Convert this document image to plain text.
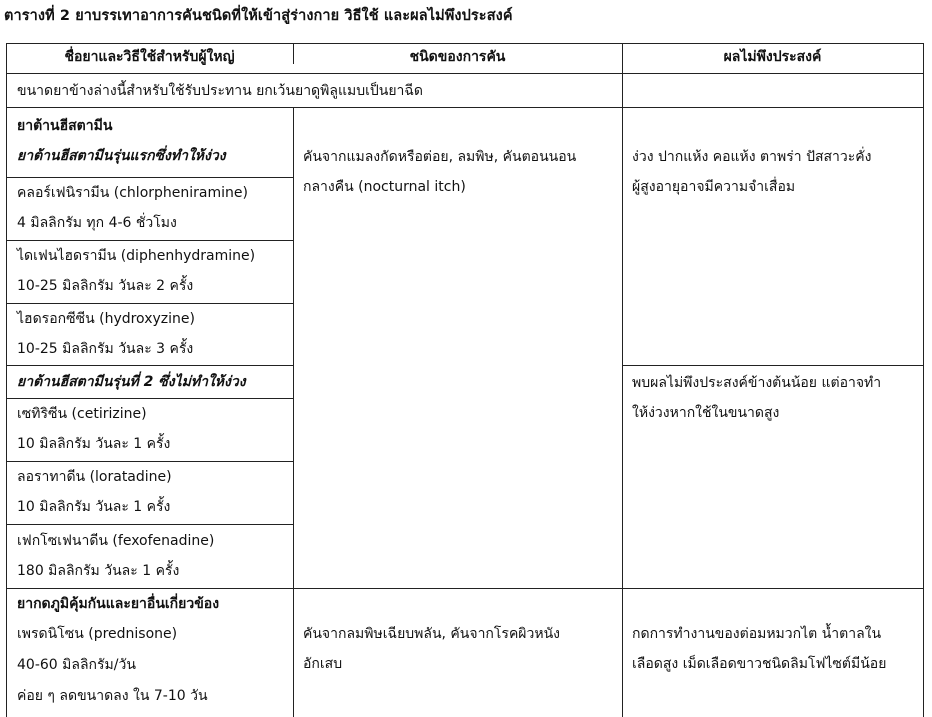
ตารางที่ 2 ยาบรรเทาอาการคันชนิดที่ให้เข้าสู่ร่างกาย วิธีใช้ และผลไม่พึงประสงค์
ชื่อยาและวิธีใช้สำหรับผู้ใหญ่	ชนิดของการคัน	ผลไม่พึงประสงค์
ขนาดยาข้างล่างนี้สำหรับใช้รับประทาน ยกเว้นยาดูพิลูแมบเป็นยาฉีด
ยาต้านฮีสตามีน
ยาต้านฮีสตามีนรุ่นแรกซึ่งทำให้ง่วง
คลอร์เฟนิรามีน (chlorpheniramine)
4 มิลลิกรัม ทุก 4-6 ชั่วโมง
ไดเฟนไฮดรามีน (diphenhydramine)
10-25 มิลลิกรัม วันละ 2 ครั้ง
ไฮดรอกซีซีน (hydroxyzine)
10-25 มิลลิกรัม วันละ 3 ครั้ง
คันจากแมลงกัดหรือต่อย, ลมพิษ, คันตอนนอน
กลางคืน (nocturnal itch)
ง่วง ปากแห้ง คอแห้ง ตาพร่า ปัสสาวะคั่ง
ผู้สูงอายุอาจมีความจำเสื่อม
ยาต้านฮีสตามีนรุ่นที่ 2 ซึ่งไม่ทำให้ง่วง
เซทิริซีน (cetirizine)
10 มิลลิกรัม วันละ 1 ครั้ง
ลอราทาดีน (loratadine)
10 มิลลิกรัม วันละ 1 ครั้ง
เฟกโซเฟนาดีน (fexofenadine)
180 มิลลิกรัม วันละ 1 ครั้ง
พบผลไม่พึงประสงค์ข้างต้นน้อย แต่อาจทำ
ให้ง่วงหากใช้ในขนาดสูง
ยากดภูมิคุ้มกันและยาอื่นเกี่ยวข้อง
เพรดนิโซน (prednisone)
40-60 มิลลิกรัม/วัน
ค่อย ๆ ลดขนาดลง ใน 7-10 วัน
คันจากลมพิษเฉียบพลัน, คันจากโรคผิวหนัง
อักเสบ
กดการทำงานของต่อมหมวกไต น้ำตาลใน
เลือดสูง เม็ดเลือดขาวชนิดลิมโฟไซต์มีน้อย
